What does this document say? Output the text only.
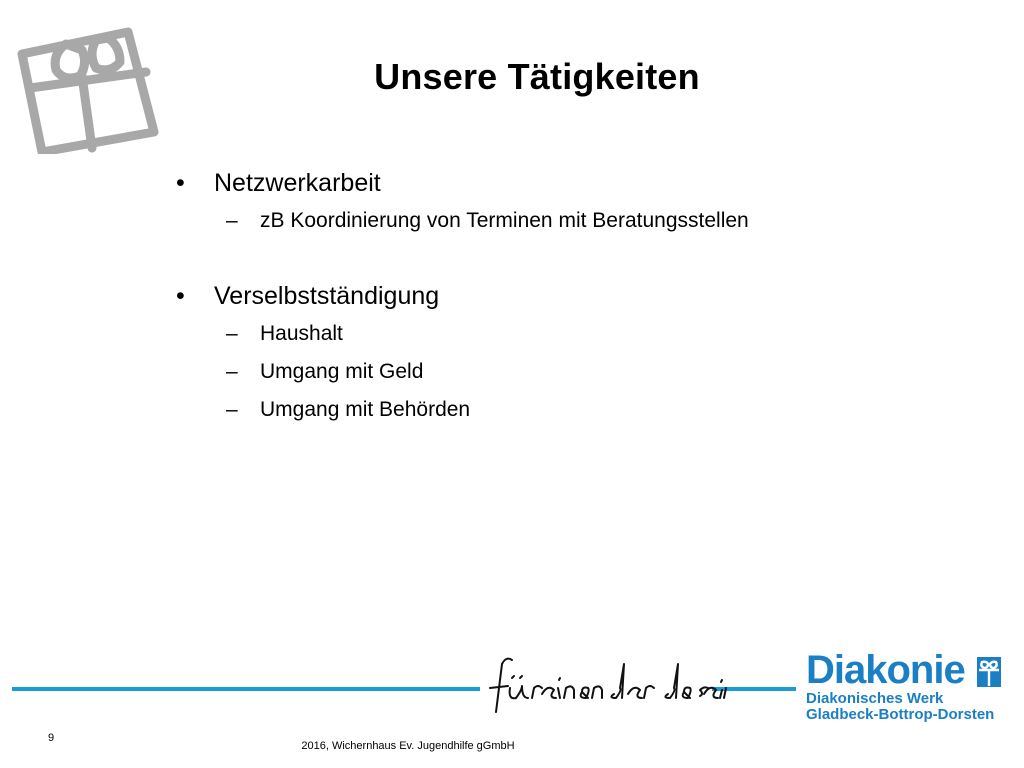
Unsere Tätigkeiten
•	Netzwerkarbeit
– zB Koordinierung von Terminen mit Beratungsstellen
•	Verselbstständigung
– Haushalt
– Umgang mit Geld
– Umgang mit Behörden
Diakonie
Diakonisches Werk
Gladbeck-Bottrop-Dorsten
9
2016, Wichernhaus Ev. Jugendhilfe gGmbH
